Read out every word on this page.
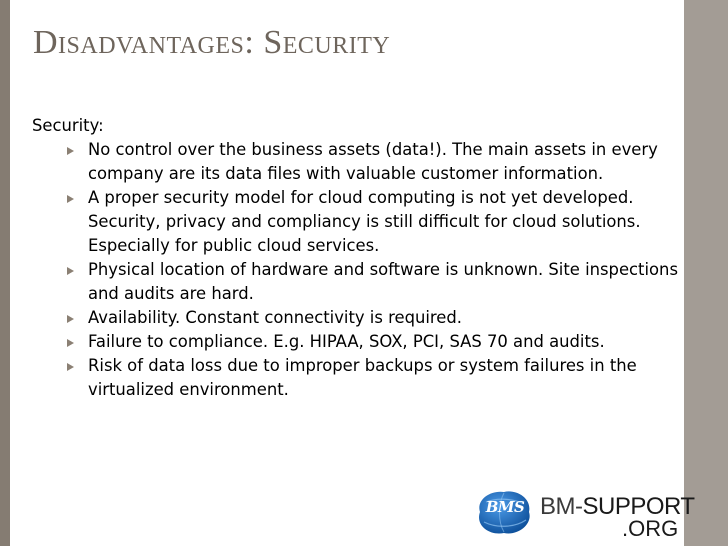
Disadvantages: Security
Security:
No control over the business assets (data!). The main assets in every company are its data files with valuable customer information.
A proper security model for cloud computing is not yet developed. Security, privacy and compliancy is still difficult for cloud solutions. Especially for public cloud services.
Physical location of hardware and software is unknown. Site inspections and audits are hard.
Availability. Constant connectivity is required.
Failure to compliance. E.g. HIPAA, SOX, PCI, SAS 70 and audits.
Risk of data loss due to improper backups or system failures in the virtualized environment.
BMS BM-SUPPORT
.ORG
